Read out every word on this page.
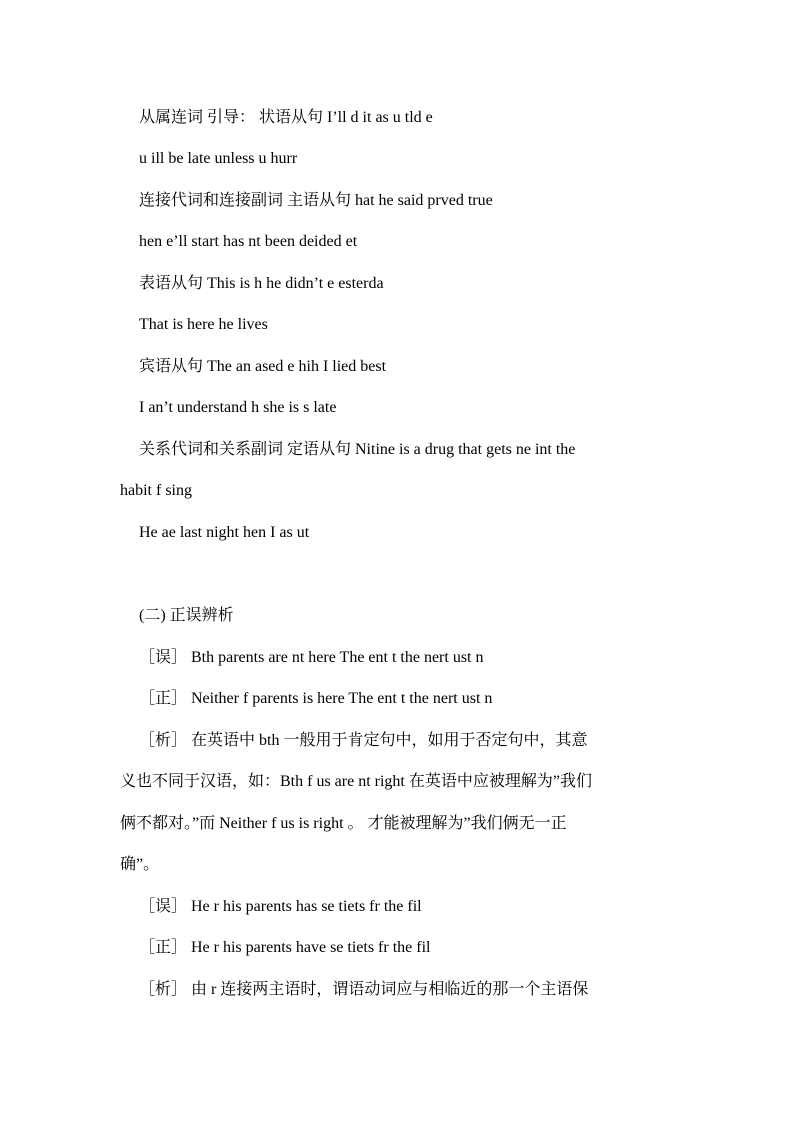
从属连词 引导： 状语从句 I’ll d it as u tld e

u ill be late unless u hurr

连接代词和连接副词 主语从句 hat he said prved true

hen e’ll start has nt been deided et

表语从句 This is h he didn’t e esterda

That is here he lives

宾语从句 The an ased e hih I lied best

I an’t understand h she is s late

关系代词和关系副词 定语从句 Nitine is a drug that gets ne int the

habit f sing

He ae last night hen I as ut

(二) 正误辨析

［误］ Bth parents are nt here The ent t the nert ust n

［正］ Neither f parents is here The ent t the nert ust n

［析］ 在英语中 bth 一般用于肯定句中，如用于否定句中，其意

义也不同于汉语，如：Bth f us are nt right 在英语中应被理解为”我们

俩不都对。”而 Neither f us is right 。 才能被理解为”我们俩无一正

确”。

［误］ He r his parents has se tiets fr the fil

［正］ He r his parents have se tiets fr the fil

［析］ 由 r 连接两主语时，谓语动词应与相临近的那一个主语保
